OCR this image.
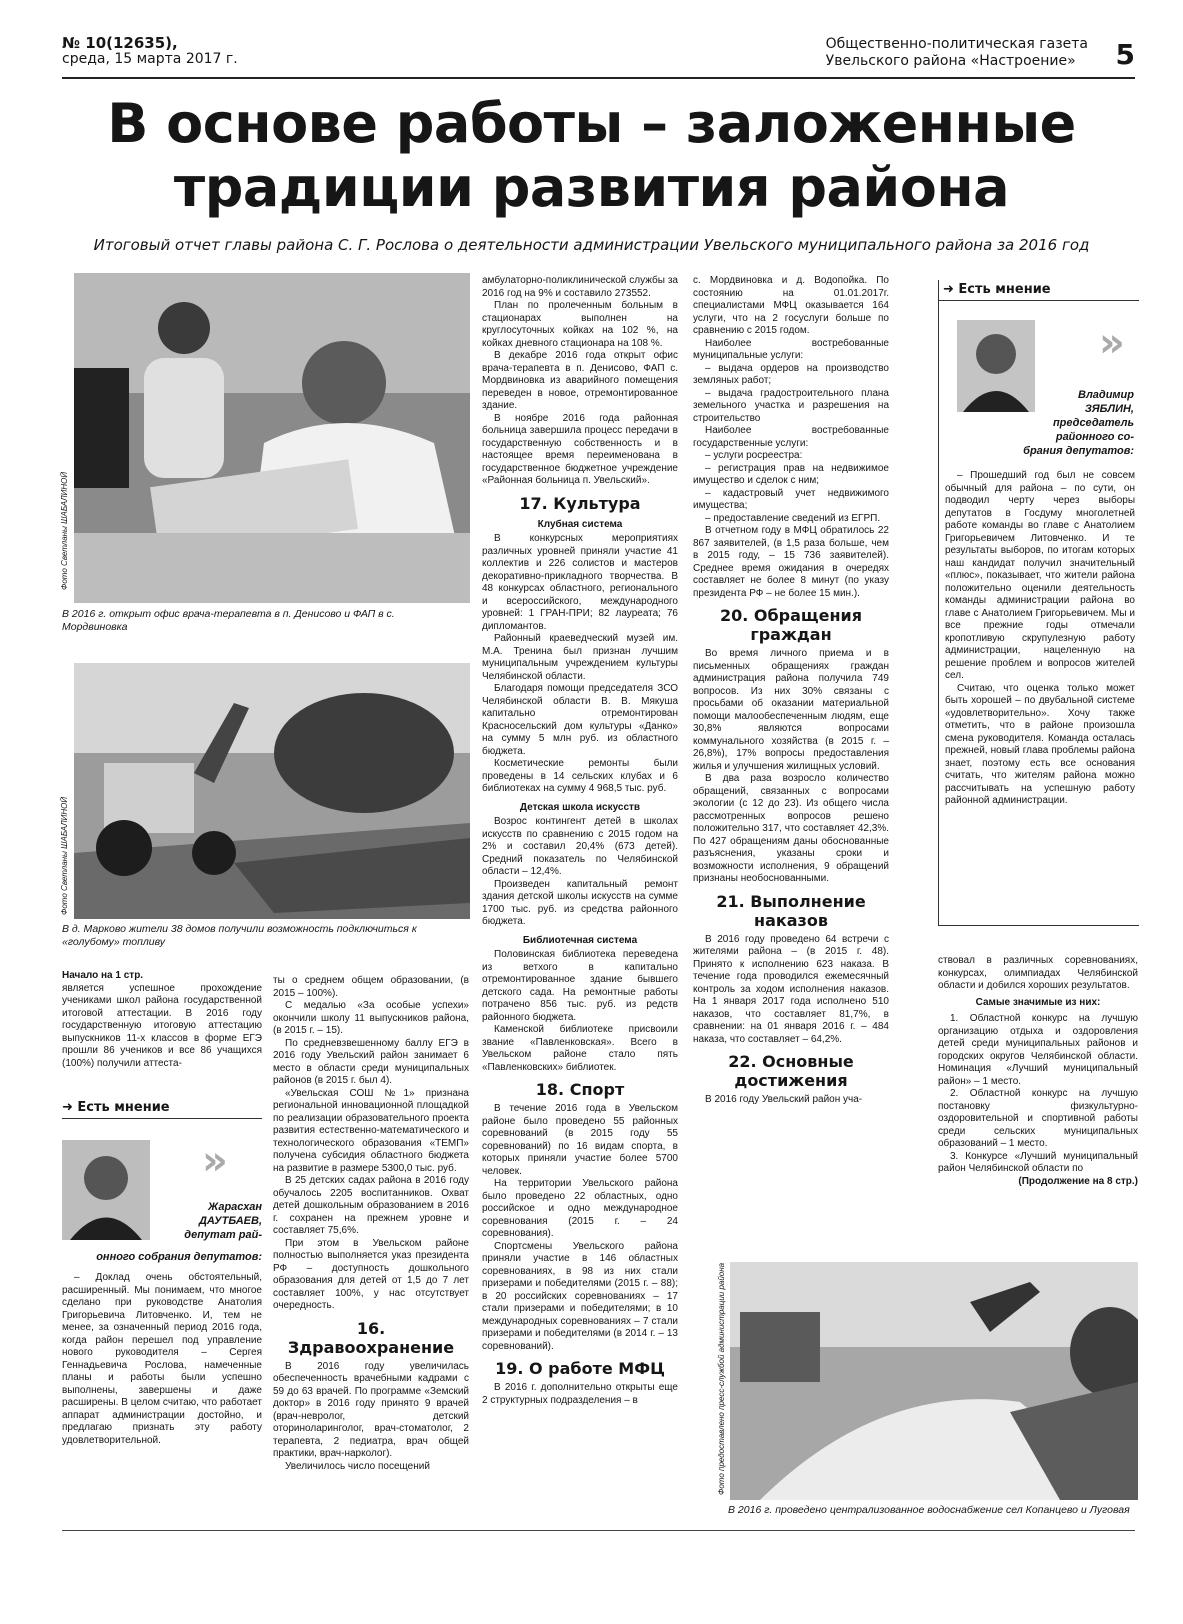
№ 10(12635),
среда, 15 марта 2017 г.
Общественно-политическая газета
Увельского района «Настроение»	5
В основе работы – заложенные
традиции развития района
Итоговый отчет главы района С. Г. Рослова о деятельности администрации Увельского муниципального района за 2016 год
Фото Светланы ШАБАЛИНОЙ
В 2016 г. открыт офис врача-терапевта в п. Денисово и ФАП в с. Мордвиновка
Фото Светланы ШАБАЛИНОЙ
В д. Марково жители 38 домов получили возможность подключиться к «голубому» топливу

Начало на 1 стр.

является успешное прохождение учениками школ района государственной итоговой аттестации. В 2016 году государственную итоговую аттестацию выпускников 11-х классов в форме ЕГЭ прошли 86 учеников и все 86 учащихся (100%) получили аттеста-

➜ Есть мнение
»
Жарасхан
ДАУТБАЕВ,
депутат рай-
онного собрания депутатов:

– Доклад очень обстоятельный, расширенный. Мы понимаем, что многое сделано при руководстве Анатолия Григорьевича Литовченко. И, тем не менее, за означенный период 2016 года, когда район перешел под управление нового руководителя – Сергея Геннадьевича Рослова, намеченные планы и работы были успешно выполнены, завершены и даже расширены. В целом считаю, что работает аппарат администрации достойно, и предлагаю признать эту работу удовлетворительной.

ты о среднем общем образовании, (в 2015 – 100%).

С медалью «За особые успехи» окончили школу 11 выпускников района, (в 2015 г. – 15).

По средневзвешенному баллу ЕГЭ в 2016 году Увельский район занимает 6 место в области среди муниципальных районов (в 2015 г. был 4).

«Увельская СОШ №1» признана региональной инновационной площадкой по реализации образовательного проекта развития естественно-математического и технологического образования «ТЕМП» получена субсидия областного бюджета на развитие в размере 5300,0 тыс. руб.

В 25 детских садах района в 2016 году обучалось 2205 воспитанников. Охват детей дошкольным образованием в 2016 г. сохранен на прежнем уровне и составляет 75,6%.

При этом в Увельском районе полностью выполняется указ президента РФ – доступность дошкольного образования для детей от 1,5 до 7 лет составляет 100%, у нас отсутствует очередность.

16. Здравоохранение

В 2016 году увеличилась обеспеченность врачебными кадрами с 59 до 63 врачей. По программе «Земский доктор» в 2016 году принято 9 врачей (врач-невролог, детский оториноларинголог, врач-стоматолог, 2 терапевта, 2 педиатра, врач общей практики, врач-нарколог).

Увеличилось число посещений

амбулаторно-поликлинической службы за 2016 год на 9% и составило 273552.

План по пролеченным больным в стационарах выполнен на круглосуточных койках на 102 %, на койках дневного стационара на 108 %.

В декабре 2016 года открыт офис врача-терапевта в п. Денисово, ФАП с. Мордвиновка из аварийного помещения переведен в новое, отремонтированное здание.

В ноябре 2016 года районная больница завершила процесс передачи в государственную собственность и в настоящее время переименована в государственное бюджетное учреждение «Районная больница п. Увельский».

17. Культура
Клубная система

В конкурсных мероприятиях различных уровней приняли участие 41 коллектив и 226 солистов и мастеров декоративно-прикладного творчества. В 48 конкурсах областного, регионального и всероссийского, международного уровней: 1 ГРАН-ПРИ; 82 лауреата; 76 дипломантов.

Районный краеведческий музей им. М.А. Тренина был признан лучшим муниципальным учреждением культуры Челябинской области.

Благодаря помощи председателя ЗСО Челябинской области В. В. Мякуша капитально отремонтирован Красносельский дом культуры «Данко» на сумму 5 млн руб. из областного бюджета.

Косметические ремонты были проведены в 14 сельских клубах и 6 библиотеках на сумму 4 968,5 тыс. руб.

Детская школа искусств

Возрос контингент детей в школах искусств по сравнению с 2015 годом на 2% и составил 20,4% (673 детей). Средний показатель по Челябинской области – 12,4%.

Произведен капитальный ремонт здания детской школы искусств на сумме 1700 тыс. руб. из средства районного бюджета.

Библиотечная система

Половинская библиотека переведена из ветхого в капитально отремонтированное здание бывшего детского сада. На ремонтные работы потрачено 856 тыс. руб. из редств районного бюджета.

Каменской библиотеке присвоили звание «Павленковская». Всего в Увельском районе стало пять «Павленковских» библиотек.

18. Спорт

В течение 2016 года в Увельском районе было проведено 55 районных соревнований (в 2015 году 55 соревнований) по 16 видам спорта, в которых приняли участие более 5700 человек.

На территории Увельского района было проведено 22 областных, одно российское и одно международное соревнования (2015 г. – 24 соревнования).

Спортсмены Увельского района приняли участие в 146 областных соревнованиях, в 98 из них стали призерами и победителями (2015 г. – 88); в 20 российских соревнованиях – 17 стали призерами и победителями; в 10 международных соревнованиях – 7 стали призерами и победителями (в 2014 г. – 13 соревнований).

19. О работе МФЦ

В 2016 г. дополнительно открыты еще 2 структурных подразделения – в

с. Мордвиновка и д. Водопойка. По состоянию на 01.01.2017г. специалистами МФЦ оказывается 164 услуги, что на 2 госуслуги больше по сравнению с 2015 годом.

Наиболее востребованные муниципальные услуги:

– выдача ордеров на производство земляных работ;

– выдача градостроительного плана земельного участка и разрешения на строительство

Наиболее востребованные государственные услуги:

– услуги росреестра:

– регистрация прав на недвижимое имущество и сделок с ним;

– кадастровый учет недвижимого имущества;

– предоставление сведений из ЕГРП.

В отчетном году в МФЦ обратилось 22 867 заявителей, (в 1,5 раза больше, чем в 2015 году, – 15 736 заявителей). Среднее время ожидания в очередях составляет не более 8 минут (по указу президента РФ – не более 15 мин.).

20. Обращения граждан

Во время личного приема и в письменных обращениях граждан администрация района получила 749 вопросов. Из них 30% связаны с просьбами об оказании материальной помощи малообеспеченным людям, еще 30,8% являются вопросами коммунального хозяйства (в 2015 г. – 26,8%), 17% вопросы предоставления жилья и улучшения жилищных условий.

В два раза возросло количество обращений, связанных с вопросами экологии (с 12 до 23). Из общего числа рассмотренных вопросов решено положительно 317, что составляет 42,3%. По 427 обращениям даны обоснованные разъяснения, указаны сроки и возможности исполнения, 9 обращений признаны необоснованными.

21. Выполнение наказов

В 2016 году проведено 64 встречи с жителями района – (в 2015 г. 48). Принято к исполнению 623 наказа. В течение года проводился ежемесячный контроль за ходом исполнения наказов. На 1 января 2017 года исполнено 510 наказов, что составляет 81,7%, в сравнении: на 01 января 2016 г. – 484 наказа, что составляет – 64,2%.

22. Основные достижения

В 2016 году Увельский район уча-

➜ Есть мнение
»
Владимир
ЗЯБЛИН,
председатель районного со-
брания депутатов:

– Прошедший год был не совсем обычный для района – по сути, он подводил черту через выборы депутатов в Госдуму многолетней работе команды во главе с Анатолием Григорьевичем Литовченко. И те результаты выборов, по итогам которых наш кандидат получил значительный «плюс», показывает, что жители района положительно оценили деятельность команды администрации района во главе с Анатолием Григорьевичем. Мы и все прежние годы отмечали кропотливую скрупулезную работу администрации, нацеленную на решение проблем и вопросов жителей сел.

Считаю, что оценка только может быть хорошей – по двубальной системе «удовлетворительно». Хочу также отметить, что в районе произошла смена руководителя. Команда осталась прежней, новый глава проблемы района знает, поэтому есть все основания считать, что жителям района можно рассчитывать на успешную работу районной администрации.

ствовал в различных соревнованиях, конкурсах, олимпиадах Челябинской области и добился хороших результатов.

Самые значимые из них:

1. Областной конкурс на лучшую организацию отдыха и оздоровления детей среди муниципальных районов и городских округов Челябинской области. Номинация «Лучший муниципальный район» – 1 место.

2. Областной конкурс на лучшую постановку физкультурно-оздоровительной и спортивной работы среди сельских муниципальных образований – 1 место.

3. Конкурсе «Лучший муниципальный район Челябинской области по

(Продолжение на 8 стр.)

Фото предоставлено пресс-службой администрации района
В 2016 г. проведено централизованное водоснабжение сел Копанцево и Луговая
